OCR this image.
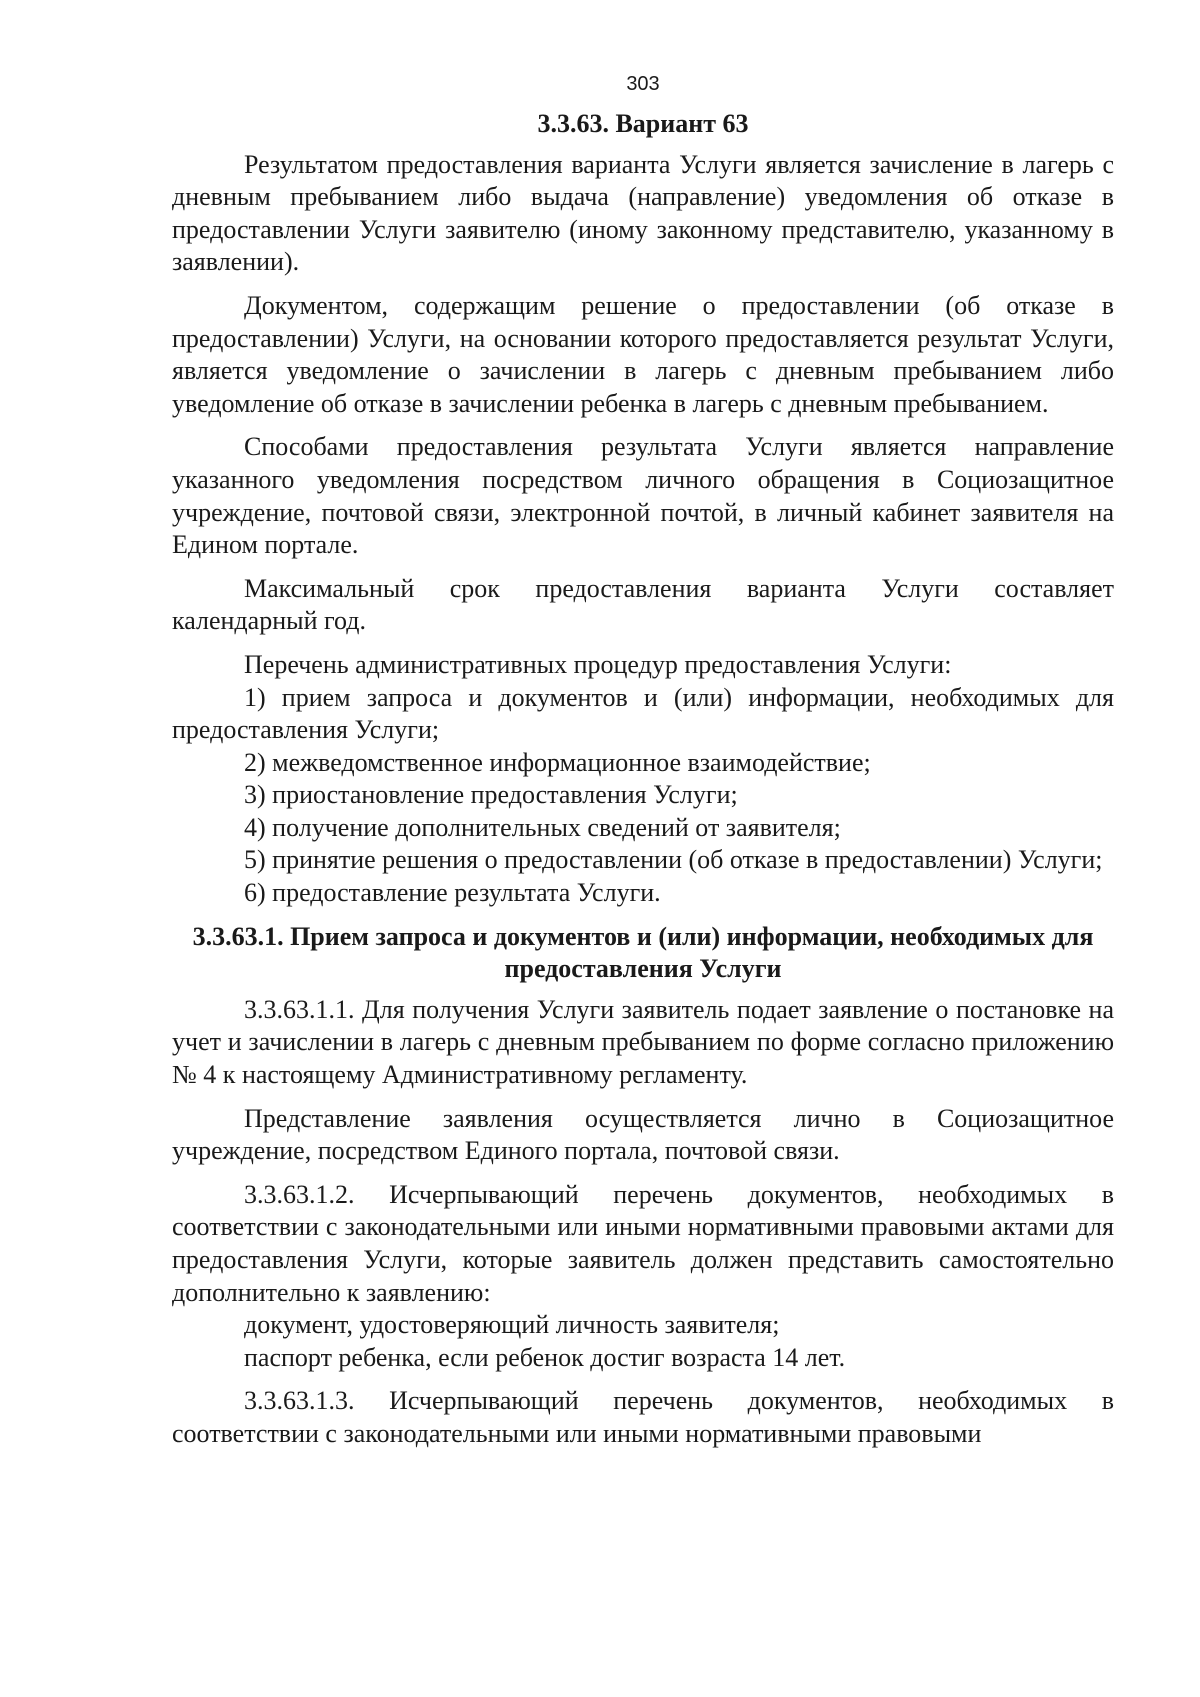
303
3.3.63. Вариант 63

Результатом предоставления варианта Услуги является зачисление в лагерь с дневным пребыванием либо выдача (направление) уведомления об отказе в предоставлении Услуги заявителю (иному законному представителю, указанному в заявлении).

Документом, содержащим решение о предоставлении (об отказе в предоставлении) Услуги, на основании которого предоставляется результат Услуги, является уведомление о зачислении в лагерь с дневным пребыванием либо уведомление об отказе в зачислении ребенка в лагерь с дневным пребыванием.

Способами предоставления результата Услуги является направление указанного уведомления посредством личного обращения в Социозащитное учреждение, почтовой связи, электронной почтой, в личный кабинет заявителя на Едином портале.

Максимальный срок предоставления варианта Услуги составляет календарный год.

Перечень административных процедур предоставления Услуги:

1) прием запроса и документов и (или) информации, необходимых для предоставления Услуги;

2) межведомственное информационное взаимодействие;

3) приостановление предоставления Услуги;

4) получение дополнительных сведений от заявителя;

5) принятие решения о предоставлении (об отказе в предоставлении) Услуги;

6) предоставление результата Услуги.

3.3.63.1. Прием запроса и документов и (или) информации, необходимых для предоставления Услуги

3.3.63.1.1. Для получения Услуги заявитель подает заявление о постановке на учет и зачислении в лагерь с дневным пребыванием по форме согласно приложению № 4 к настоящему Административному регламенту.

Представление заявления осуществляется лично в Социозащитное учреждение, посредством Единого портала, почтовой связи.

3.3.63.1.2. Исчерпывающий перечень документов, необходимых в соответствии с законодательными или иными нормативными правовыми актами для предоставления Услуги, которые заявитель должен представить самостоятельно дополнительно к заявлению:

документ, удостоверяющий личность заявителя;

паспорт ребенка, если ребенок достиг возраста 14 лет.

3.3.63.1.3. Исчерпывающий перечень документов, необходимых в соответствии с законодательными или иными нормативными правовыми
